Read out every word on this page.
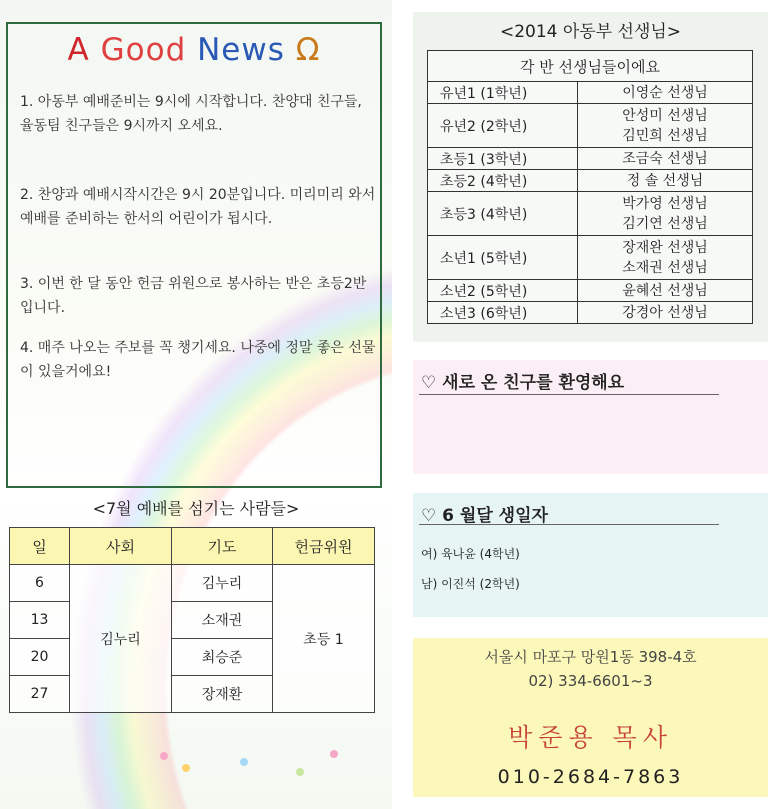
A Good News Ω
1. 아동부 예배준비는 9시에 시작합니다. 찬양대 친구들, 율동팀 친구들은 9시까지 오세요.
2. 찬양과 예배시작시간은 9시 20분입니다. 미리미리 와서 예배를 준비하는 한서의 어린이가 됩시다.
3. 이번 한 달 동안 헌금 위원으로 봉사하는 반은 초등2반입니다.
4. 매주 나오는 주보를 꼭 챙기세요. 나중에 정말 좋은 선물이 있을거에요!
<7월 예배를 섬기는 사람들>
일	사회	기도	헌금위원
6	김누리	김누리	초등 1
13		소재권	
20		최승준	
27		장재환	
<2014 아동부 선생님>
각 반 선생님들이에요	
유년1 (1학년)	이영순 선생님

유년2 (2학년)	안성미 선생님
김민희 선생님

초등1 (3학년)	조금숙 선생님

초등2 (4학년)	정 솔 선생님

초등3 (4학년)	박가영 선생님
김기연 선생님

소년1 (5학년)	장재완 선생님
소재권 선생님

소년2 (5학년)	윤혜선 선생님

소년3 (6학년)	강경아 선생님
♡ 새로 온 친구를 환영해요
♡ 6 월달 생일자
여) 육나윤 (4학년)
남) 이진석 (2학년)
서울시 마포구 망원1동 398-4호
02) 334-6601~3
박준용 목사
010-2684-7863
